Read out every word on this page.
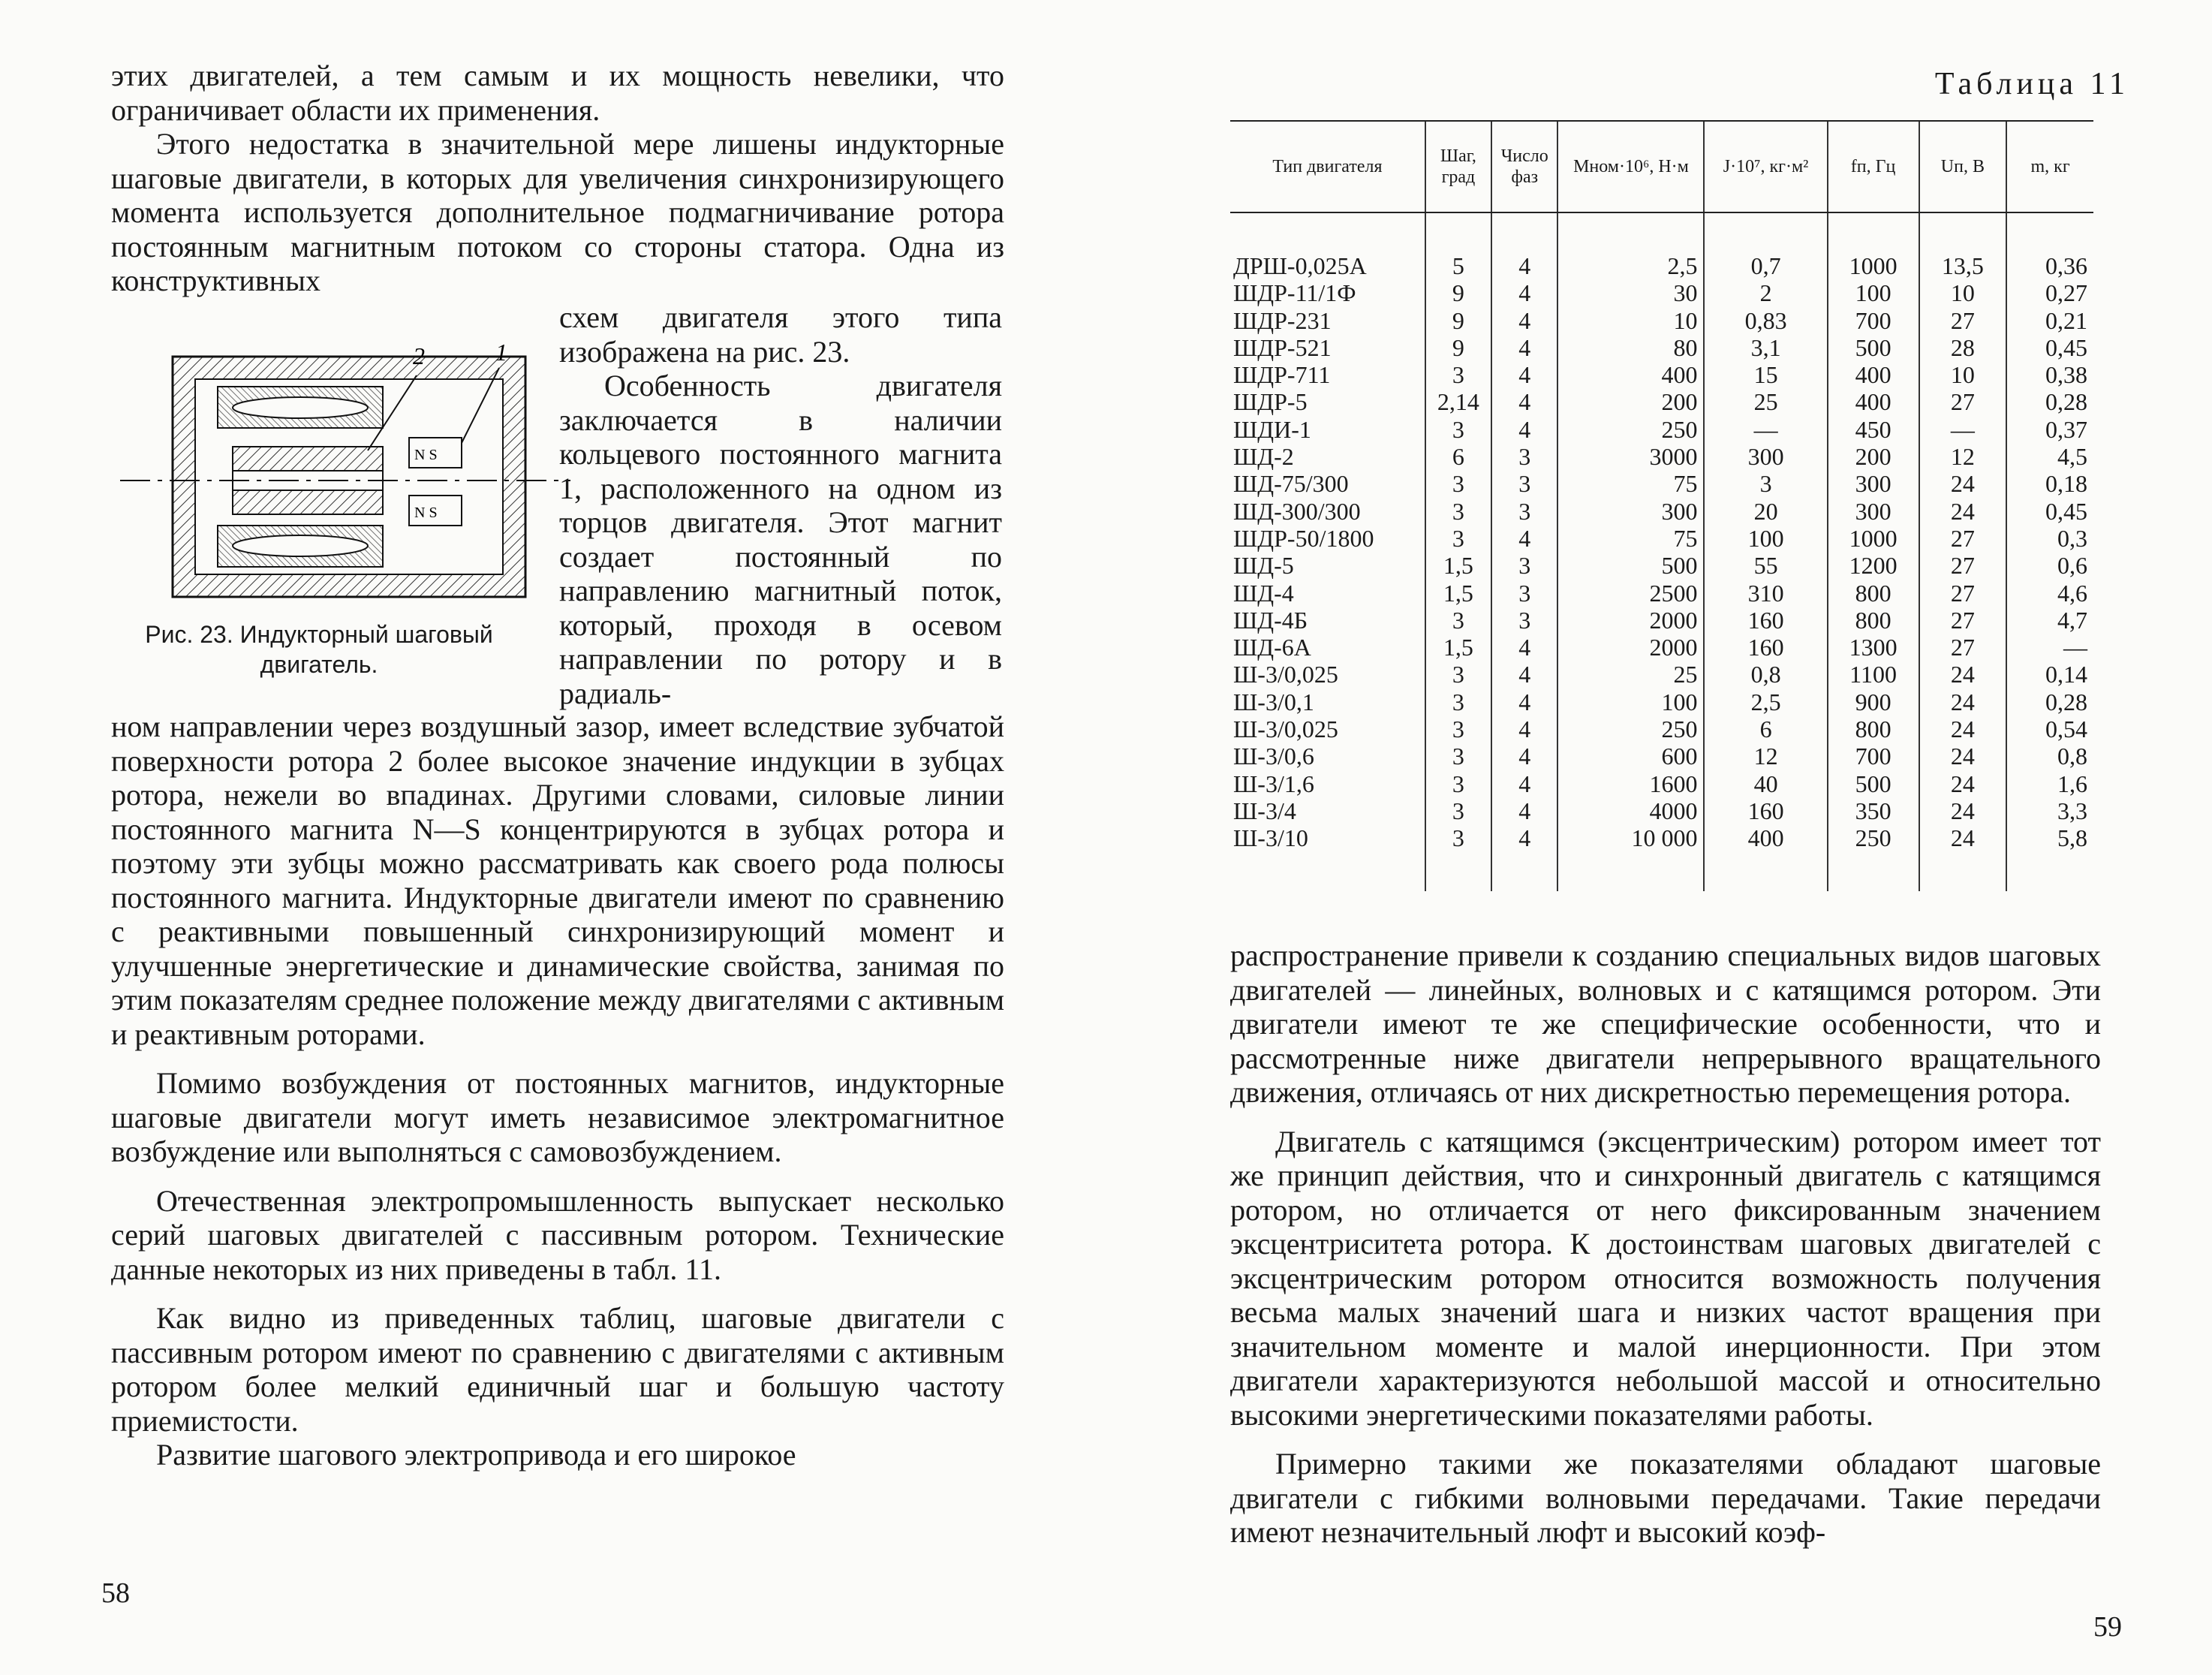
этих двигателей, а тем самым и их мощность невелики, что ограничивает области их применения.

Этого недостатка в значительной мере лишены индукторные шаговые двигатели, в которых для увеличения синхронизирующего момента используется дополнительное подмагничивание ротора постоянным магнитным потоком со стороны статора. Одна из конструктивных

N S
N S
2	1
Рис. 23. Индукторный шаговый двигатель.

схем двигателя этого типа изображена на рис. 23.

Особенность двигателя заключается в наличии кольцевого постоянного магнита 1, расположенного на одном из торцов двигателя. Этот магнит создает постоянный по направлению магнитный поток, который, проходя в осевом направлении по ротору и в радиаль-

ном направлении через воздушный зазор, имеет вследствие зубчатой поверхности ротора 2 более высокое значение индукции в зубцах ротора, нежели во впадинах. Другими словами, силовые линии постоянного магнита N—S концентрируются в зубцах ротора и поэтому эти зубцы можно рассматривать как своего рода полюсы постоянного магнита. Индукторные двигатели имеют по сравнению с реактивными повышенный синхронизирующий момент и улучшенные энергетические и динамические свойства, занимая по этим показателям среднее положение между двигателями с активным и реактивным роторами.

Помимо возбуждения от постоянных магнитов, индукторные шаговые двигатели могут иметь независимое электромагнитное возбуждение или выполняться с самовозбуждением.

Отечественная электропромышленность выпускает несколько серий шаговых двигателей с пассивным ротором. Технические данные некоторых из них приведены в табл. 11.

Как видно из приведенных таблиц, шаговые двигатели с пассивным ротором имеют по сравнению с двигателями с активным ротором более мелкий единичный шаг и большую частоту приемистости.

Развитие шагового электропривода и его широкое

58
Таблица 11
Тип двигателя	Шаг, град	Число фаз	Mном·10⁶, Н·м	J·10⁷, кг·м²	fп, Гц	Uп, В	m, кг
ДРШ-0,025А	5	4	2,5	0,7	1000	13,5	0,36
ШДР-11/1Ф	9	4	30	2	100	10	0,27
ШДР-231	9	4	10	0,83	700	27	0,21
ШДР-521	9	4	80	3,1	500	28	0,45
ШДР-711	3	4	400	15	400	10	0,38
ШДР-5	2,14	4	200	25	400	27	0,28
ШДИ-1	3	4	250	—	450	—	0,37
ШД-2	6	3	3000	300	200	12	4,5
ШД-75/300	3	3	75	3	300	24	0,18
ШД-300/300	3	3	300	20	300	24	0,45
ШДР-50/1800	3	4	75	100	1000	27	0,3
ШД-5	1,5	3	500	55	1200	27	0,6
ШД-4	1,5	3	2500	310	800	27	4,6
ШД-4Б	3	3	2000	160	800	27	4,7
ШД-6А	1,5	4	2000	160	1300	27	—
Ш-3/0,025	3	4	25	0,8	1100	24	0,14
Ш-3/0,1	3	4	100	2,5	900	24	0,28
Ш-3/0,025	3	4	250	6	800	24	0,54
Ш-3/0,6	3	4	600	12	700	24	0,8
Ш-3/1,6	3	4	1600	40	500	24	1,6
Ш-3/4	3	4	4000	160	350	24	3,3
Ш-3/10	3	4	10 000	400	250	24	5,8

распространение привели к созданию специальных видов шаговых двигателей — линейных, волновых и с катящимся ротором. Эти двигатели имеют те же специфические особенности, что и рассмотренные ниже двигатели непрерывного вращательного движения, отличаясь от них дискретностью перемещения ротора.

Двигатель с катящимся (эксцентрическим) ротором имеет тот же принцип действия, что и синхронный двигатель с катящимся ротором, но отличается от него фиксированным значением эксцентриситета ротора. К достоинствам шаговых двигателей с эксцентрическим ротором относится возможность получения весьма малых значений шага и низких частот вращения при значительном моменте и малой инерционности. При этом двигатели характеризуются небольшой массой и относительно высокими энергетическими показателями работы.

Примерно такими же показателями обладают шаговые двигатели с гибкими волновыми передачами. Такие передачи имеют незначительный люфт и высокий коэф-

59
